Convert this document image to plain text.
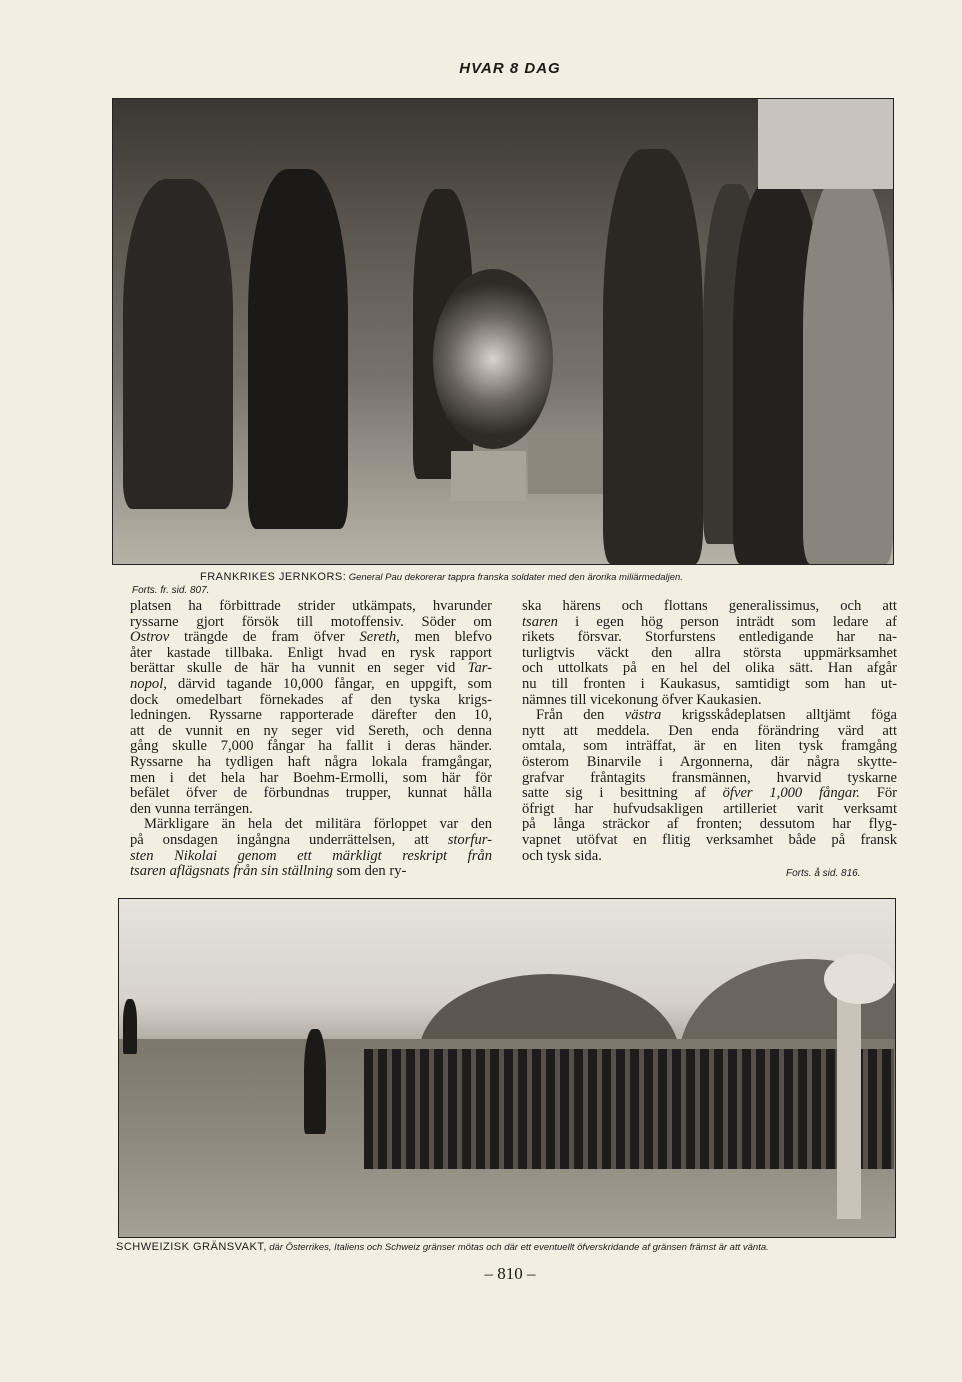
HVAR 8 DAG
FRANKRIKES JERNKORS: General Pau dekorerar tappra franska soldater med den ärorika miliärmedaljen.
Forts. fr. sid. 807.
platsen ha förbittrade strider utkämpats, hvarunder
ryssarne gjort försök till motoffensiv. Söder om
Ostrov trängde de fram öfver Sereth, men blefvo
åter kastade tillbaka. Enligt hvad en rysk rapport
berättar skulle de här ha vunnit en seger vid Tar-
nopol, därvid tagande 10,000 fångar, en uppgift, som
dock omedelbart förnekades af den tyska krigs-
ledningen. Ryssarne rapporterade därefter den 10,
att de vunnit en ny seger vid Sereth, och denna
gång skulle 7,000 fångar ha fallit i deras händer.
Ryssarne ha tydligen haft några lokala framgångar,
men i det hela har Boehm-Ermolli, som här för
befälet öfver de förbundnas trupper, kunnat hålla
den vunna terrängen.
Märkligare än hela det militära förloppet var den
på onsdagen ingångna underrättelsen, att storfur-
sten Nikolai genom ett märkligt reskript från
tsaren aflägsnats från sin ställning som den ry-
ska härens och flottans generalissimus, och att
tsaren i egen hög person inträdt som ledare af
rikets försvar. Storfurstens entledigande har na-
turligtvis väckt den allra största uppmärksamhet
och uttolkats på en hel del olika sätt. Han afgår
nu till fronten i Kaukasus, samtidigt som han ut-
nämnes till vicekonung öfver Kaukasien.
Från den västra krigsskådeplatsen alltjämt föga
nytt att meddela. Den enda förändring värd att
omtala, som inträffat, är en liten tysk framgång
österom Binarvile i Argonnerna, där några skytte-
grafvar fråntagits fransmännen, hvarvid tyskarne
satte sig i besittning af öfver 1,000 fångar. För
öfrigt har hufvudsakligen artilleriet varit verksamt
på långa sträckor af fronten; dessutom har flyg-
vapnet utöfvat en flitig verksamhet både på fransk
och tysk sida.
Forts. å sid. 816.
SCHWEIZISK GRÄNSVAKT, där Österrikes, Italiens och Schweiz gränser mötas och där ett eventuellt öfverskridande af gränsen främst är att vänta.
– 810 –
